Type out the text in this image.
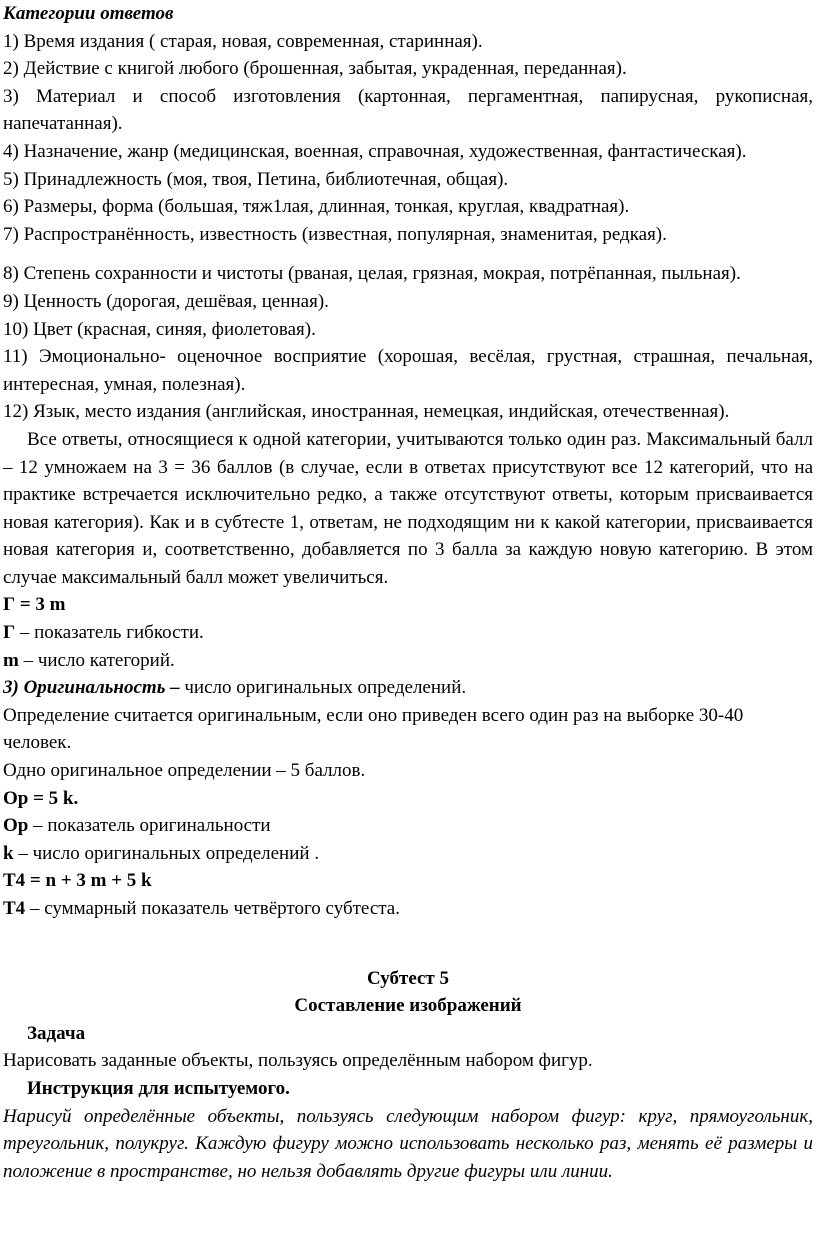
Категории ответов

1) Время издания ( старая, новая, современная, старинная).

2) Действие с книгой любого (брошенная, забытая, украденная, переданная).

3) Материал и способ изготовления (картонная, пергаментная, папирусная, рукописная, напечатанная).

4) Назначение, жанр (медицинская, военная, справочная, художественная, фантастическая).

5) Принадлежность (моя, твоя, Петина, библиотечная, общая).

6) Размеры, форма (большая, тяж1лая, длинная, тонкая, круглая, квадратная).

7) Распространённость, известность (известная, популярная, знаменитая, редкая).

8) Степень сохранности и чистоты (рваная, целая, грязная, мокрая, потрёпанная, пыльная).

9) Ценность (дорогая, дешёвая, ценная).

10) Цвет (красная, синяя, фиолетовая).

11) Эмоционально- оценочное восприятие (хорошая, весёлая, грустная, страшная, печальная, интересная, умная, полезная).

12) Язык, место издания (английская, иностранная, немецкая, индийская, отечественная).

Все ответы, относящиеся к одной категории, учитываются только один раз. Максимальный балл – 12 умножаем на 3 = 36 баллов (в случае, если в ответах присутствуют все 12 категорий, что на практике встречается исключительно редко, а также отсутствуют ответы, которым присваивается новая категория). Как и в субтесте 1, ответам, не подходящим ни к какой категории, присваивается новая категория и, соответственно, добавляется по 3 балла за каждую новую категорию. В этом случае максимальный балл может увеличиться.

Г = 3 m

Г – показатель гибкости.

m – число категорий.

3) Оригинальность – число оригинальных определений.

Определение считается оригинальным, если оно приведен всего один раз на выборке 30-40 человек.

Одно оригинальное определении – 5 баллов.

Ор = 5 k.

Ор – показатель оригинальности

k – число оригинальных определений .

Т4 = n + 3 m + 5 k

Т4 – суммарный показатель четвёртого субтеста.

Субтест 5

Составление изображений

Задача

Нарисовать заданные объекты, пользуясь определённым набором фигур.

Инструкция для испытуемого.

Нарисуй определённые объекты, пользуясь следующим набором фигур: круг, прямоугольник, треугольник, полукруг. Каждую фигуру можно использовать несколько раз, менять её размеры и положение в пространстве, но нельзя добавлять другие фигуры или линии.
